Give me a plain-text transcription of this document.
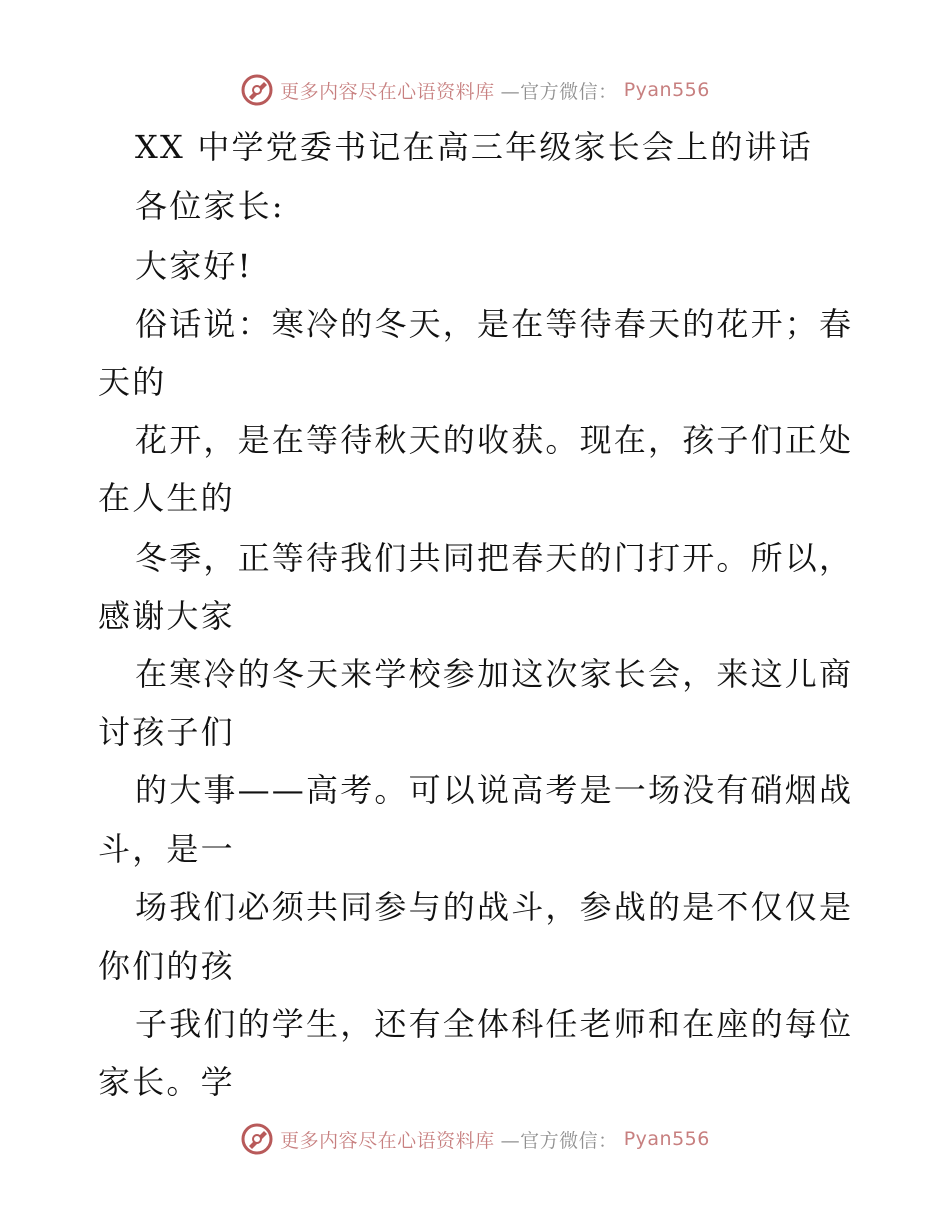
更多内容尽在心语资料库 —官方微信： Pyan556
XX 中学党委书记在高三年级家长会上的讲话
各位家长:
大家好!
俗话说：寒冷的冬天，是在等待春天的花开；春
天的
花开，是在等待秋天的收获。现在，孩子们正处
在人生的
冬季，正等待我们共同把春天的门打开。所以，
感谢大家
在寒冷的冬天来学校参加这次家长会，来这儿商
讨孩子们
的大事——高考。可以说高考是一场没有硝烟战
斗，是一
场我们必须共同参与的战斗，参战的是不仅仅是
你们的孩
子我们的学生，还有全体科任老师和在座的每位
家长。学
更多内容尽在心语资料库 —官方微信： Pyan556
